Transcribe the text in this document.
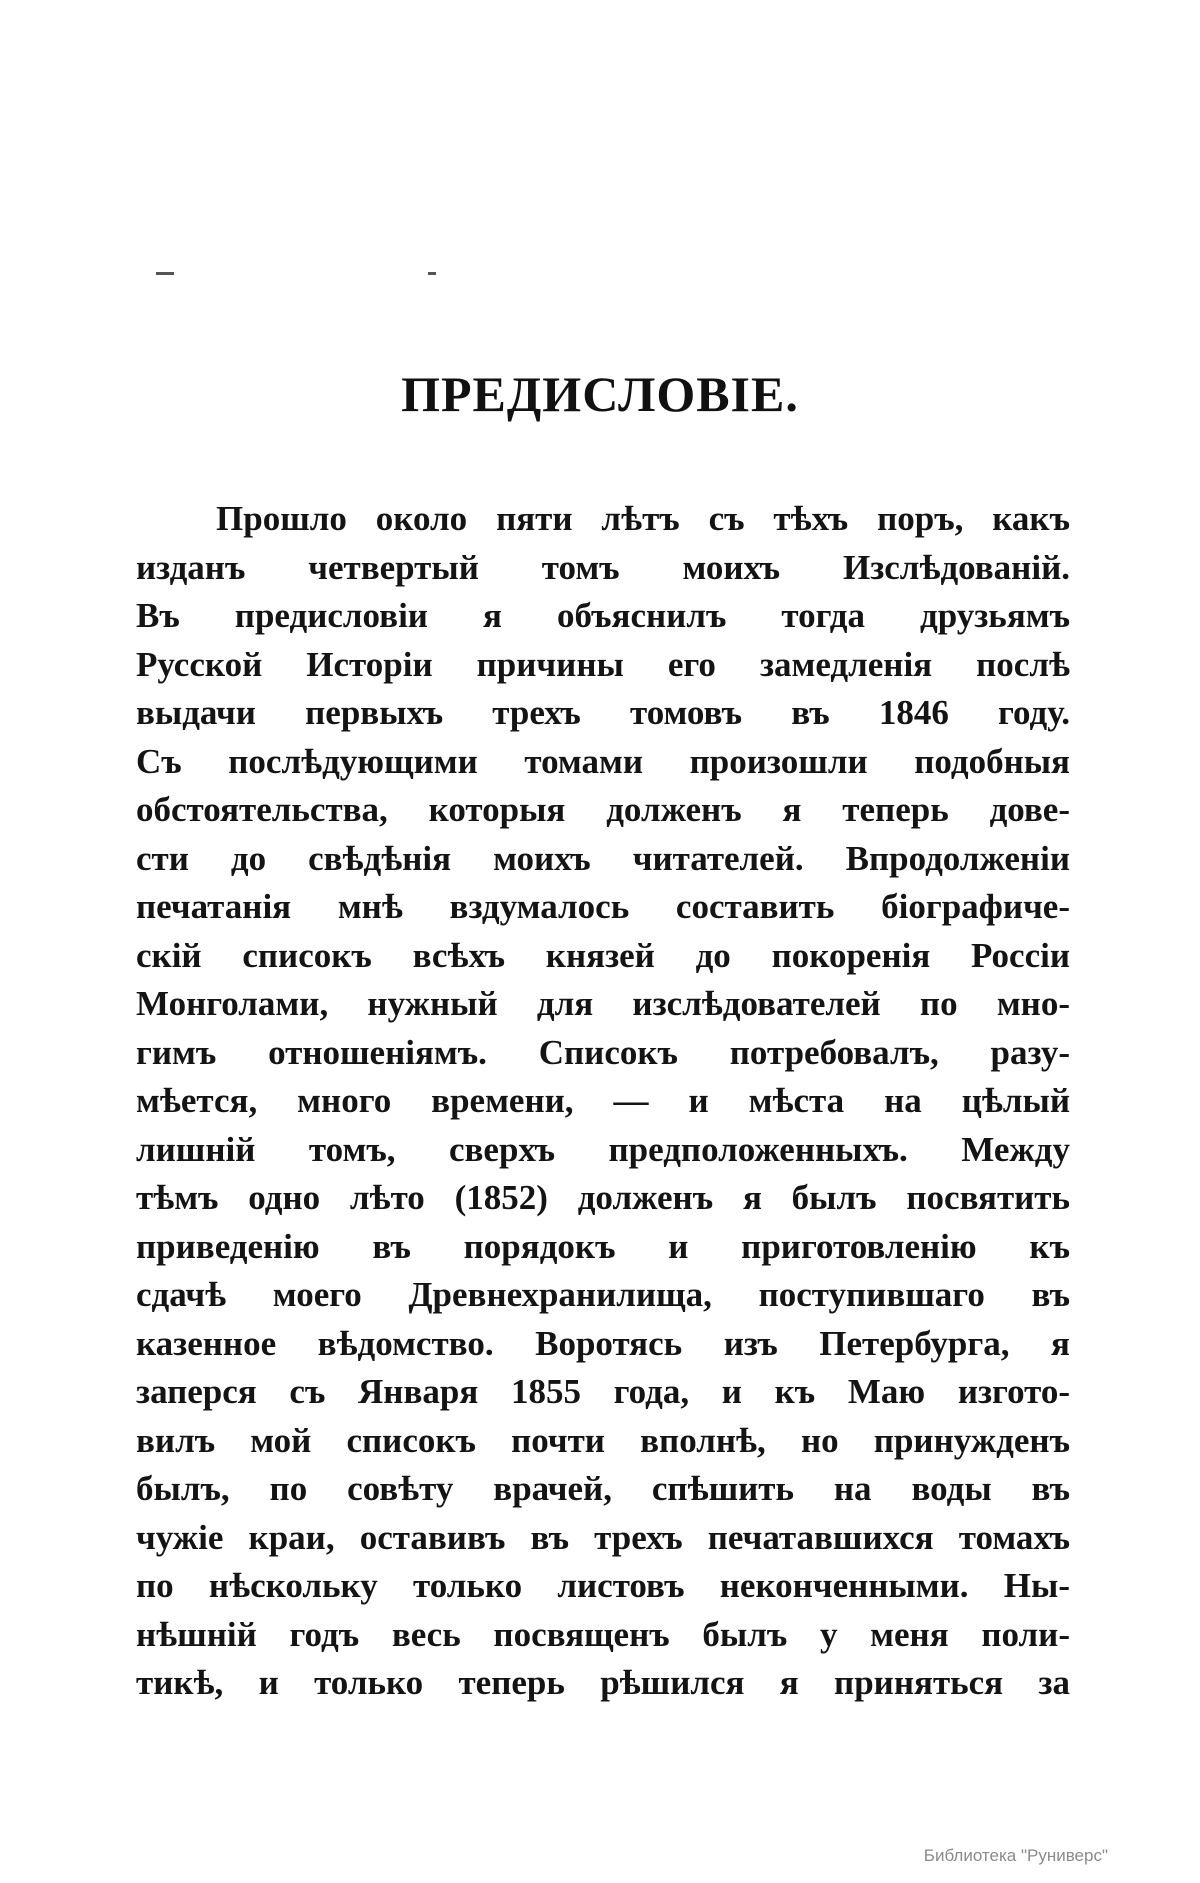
ПРЕДИСЛОВІЕ.
Прошло около пяти лѣтъ съ тѣхъ поръ, какъ
изданъ четвертый томъ моихъ Изслѣдованій.
Въ предисловіи я объяснилъ тогда друзьямъ
Русской Исторіи причины его замедленія послѣ
выдачи первыхъ трехъ томовъ въ 1846 году.
Съ послѣдующими томами произошли подобныя
обстоятельства, которыя долженъ я теперь дове-
сти до свѣдѣнія моихъ читателей. Впродолженіи
печатанія мнѣ вздумалось составить біографиче-
скій списокъ всѣхъ князей до покоренія Россіи
Монголами, нужный для изслѣдователей по мно-
гимъ отношеніямъ. Списокъ потребовалъ, разу-
мѣется, много времени, — и мѣста на цѣлый
лишній томъ, сверхъ предположенныхъ. Между
тѣмъ одно лѣто (1852) долженъ я былъ посвятить
приведенію въ порядокъ и приготовленію къ
сдачѣ моего Древнехранилища, поступившаго въ
казенное вѣдомство. Воротясь изъ Петербурга, я
заперся съ Января 1855 года, и къ Маю изгото-
вилъ мой списокъ почти вполнѣ, но принужденъ
былъ, по совѣту врачей, спѣшить на воды въ
чужіе краи, оставивъ въ трехъ печатавшихся томахъ
по нѣскольку только листовъ неконченными. Ны-
нѣшній годъ весь посвященъ былъ у меня поли-
тикѣ, и только теперь рѣшился я приняться за
Библиотека "Руниверс"
